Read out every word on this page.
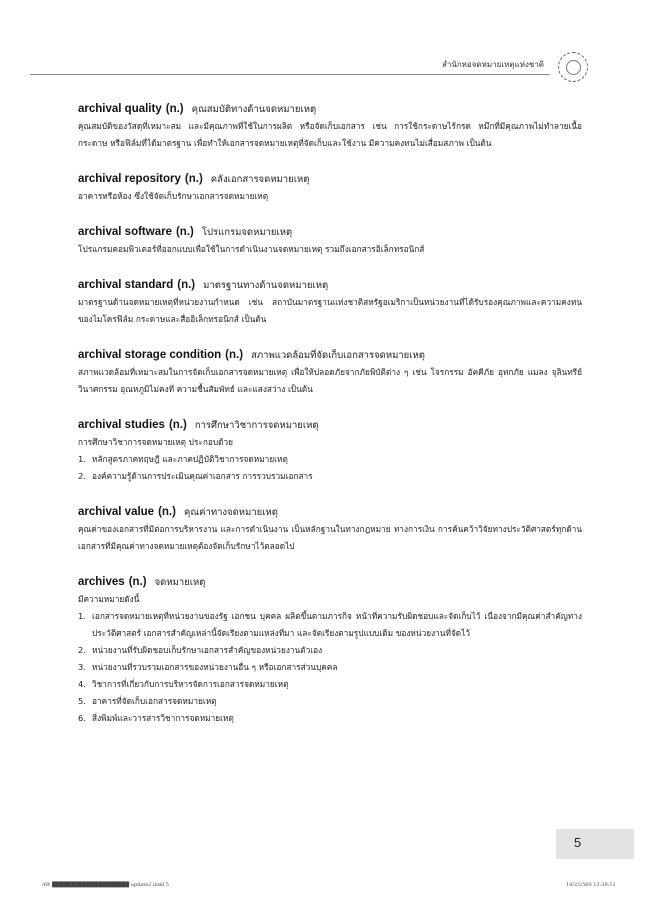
สำนักหอจดหมายเหตุแห่งชาติ
archival quality (n.) คุณสมบัติทางด้านจดหมายเหตุ

คุณสมบัติของวัสดุที่เหมาะสม และมีคุณภาพที่ใช้ในการผลิต หรือจัดเก็บเอกสาร เช่น การใช้กระดาษไร้กรด หมึกที่มีคุณภาพไม่ทำลายเนื้อกระดาษ หรือฟิล์มที่ได้มาตรฐาน เพื่อทำให้เอกสารจดหมายเหตุที่จัดเก็บและใช้งาน มีความคงทนไม่เสื่อมสภาพ เป็นต้น

archival repository (n.) คลังเอกสารจดหมายเหตุ

อาคารหรือห้อง ซึ่งใช้จัดเก็บรักษาเอกสารจดหมายเหตุ

archival software (n.) โปรแกรมจดหมายเหตุ

โปรแกรมคอมพิวเตอร์ที่ออกแบบเพื่อใช้ในการดำเนินงานจดหมายเหตุ รวมถึงเอกสารอิเล็กทรอนิกส์

archival standard (n.) มาตรฐานทางด้านจดหมายเหตุ

มาตรฐานด้านจดหมายเหตุที่หน่วยงานกำหนด เช่น สถาบันมาตรฐานแห่งชาติสหรัฐอเมริกาเป็นหน่วยงานที่ได้รับรองคุณภาพและความคงทนของไมโครฟิล์ม กระดาษและสื่ออิเล็กทรอนิกส์ เป็นต้น

archival storage condition (n.) สภาพแวดล้อมที่จัดเก็บเอกสารจดหมายเหตุ

สภาพแวดล้อมที่เหมาะสมในการจัดเก็บเอกสารจดหมายเหตุ เพื่อให้ปลอดภัยจากภัยพิบัติต่าง ๆ เช่น โจรกรรม อัคคีภัย อุทกภัย แมลง จุลินทรีย์ วินาศกรรม อุณหภูมิไม่คงที่ ความชื้นสัมพัทธ์ และแสงสว่าง เป็นต้น

archival studies (n.) การศึกษาวิชาการจดหมายเหตุ

การศึกษาวิชาการจดหมายเหตุ ประกอบด้วย

1. หลักสูตรภาคทฤษฎี และภาคปฏิบัติวิชาการจดหมายเหตุ
2. องค์ความรู้ด้านการประเมินคุณค่าเอกสาร การรวบรวมเอกสาร
archival value (n.) คุณค่าทางจดหมายเหตุ

คุณค่าของเอกสารที่มีต่อการบริหารงาน และการดำเนินงาน เป็นหลักฐานในทางกฎหมาย ทางการเงิน การค้นคว้าวิจัยทางประวัติศาสตร์ทุกด้าน เอกสารที่มีคุณค่าทางจดหมายเหตุต้องจัดเก็บรักษาไว้ตลอดไป

archives (n.) จดหมายเหตุ

มีความหมายดังนี้

1. เอกสารจดหมายเหตุที่หน่วยงานของรัฐ เอกชน บุคคล ผลิตขึ้นตามภารกิจ หน้าที่ความรับผิดชอบและจัดเก็บไว้ เนื่องจากมีคุณค่าสำคัญทางประวัติศาสตร์ เอกสารสำคัญเหล่านี้จัดเรียงตามแหล่งที่มา และจัดเรียงตามรูปแบบเดิม ของหน่วยงานที่จัดไว้
2. หน่วยงานที่รับผิดชอบเก็บรักษาเอกสารสำคัญของหน่วยงานตัวเอง
3. หน่วยงานที่รวบรวมเอกสารของหน่วยงานอื่น ๆ หรือเอกสารส่วนบุคคล
4. วิชาการที่เกี่ยวกับการบริหารจัดการเอกสารจดหมายเหตุ
5. อาคารที่จัดเก็บเอกสารจดหมายเหตุ
6. สิ่งพิมพ์และวารสารวิชาการจดหมายเหตุ
5
AW ████████████████████ update2.indd 5	14/2/2560 13:30:11
